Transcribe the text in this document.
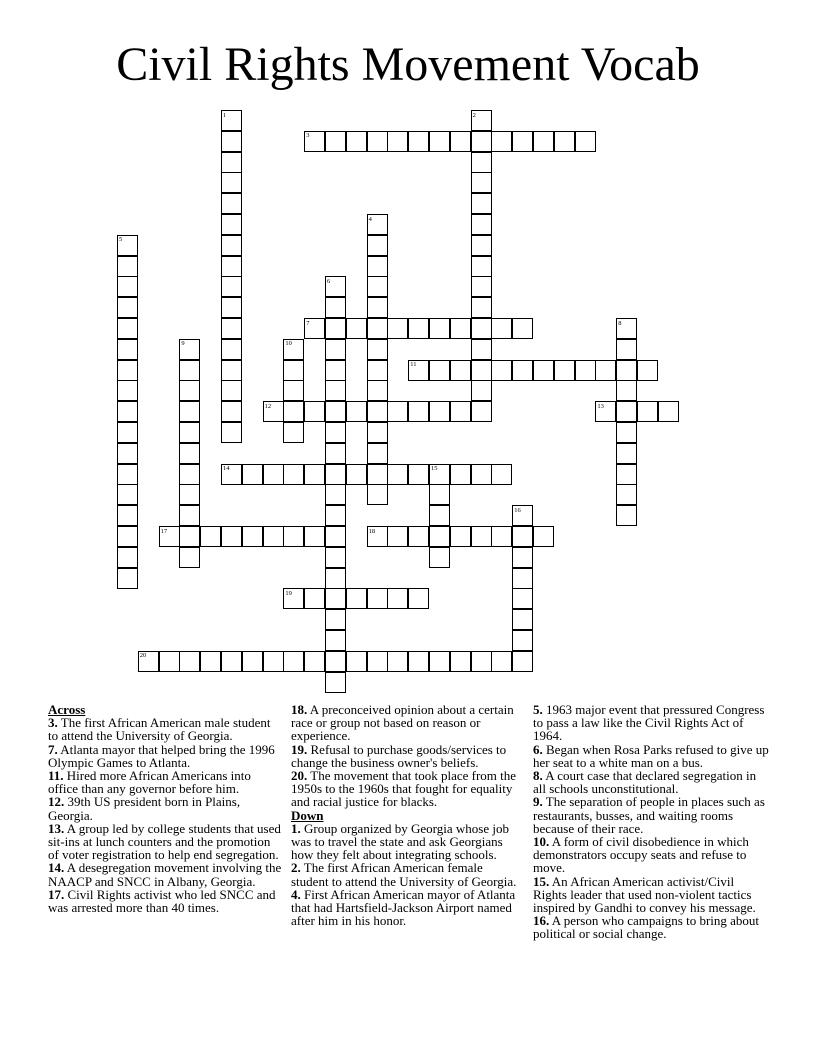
Civil Rights Movement Vocab
1	2
3
4
5
6
7	8
9	10
11
12	13
14	15
16
17	18
19
20
Across
3. The first African American male student to attend the University of Georgia.
7. Atlanta mayor that helped bring the 1996 Olympic Games to Atlanta.
11. Hired more African Americans into office than any governor before him.
12. 39th US president born in Plains, Georgia.
13. A group led by college students that used sit-ins at lunch counters and the promotion of voter registration to help end segregation.
14. A desegregation movement involving the NAACP and SNCC in Albany, Georgia.
17. Civil Rights activist who led SNCC and was arrested more than 40 times.
18. A preconceived opinion about a certain race or group not based on reason or experience.
19. Refusal to purchase goods/services to change the business owner's beliefs.
20. The movement that took place from the 1950s to the 1960s that fought for equality and racial justice for blacks.
Down
1. Group organized by Georgia whose job was to travel the state and ask Georgians how they felt about integrating schools.
2. The first African American female student to attend the University of Georgia.
4. First African American mayor of Atlanta that had Hartsfield-Jackson Airport named after him in his honor.
5. 1963 major event that pressured Congress to pass a law like the Civil Rights Act of 1964.
6. Began when Rosa Parks refused to give up her seat to a white man on a bus.
8. A court case that declared segregation in all schools unconstitutional.
9. The separation of people in places such as restaurants, busses, and waiting rooms because of their race.
10. A form of civil disobedience in which demonstrators occupy seats and refuse to move.
15. An African American activist/Civil Rights leader that used non-violent tactics inspired by Gandhi to convey his message.
16. A person who campaigns to bring about political or social change.
